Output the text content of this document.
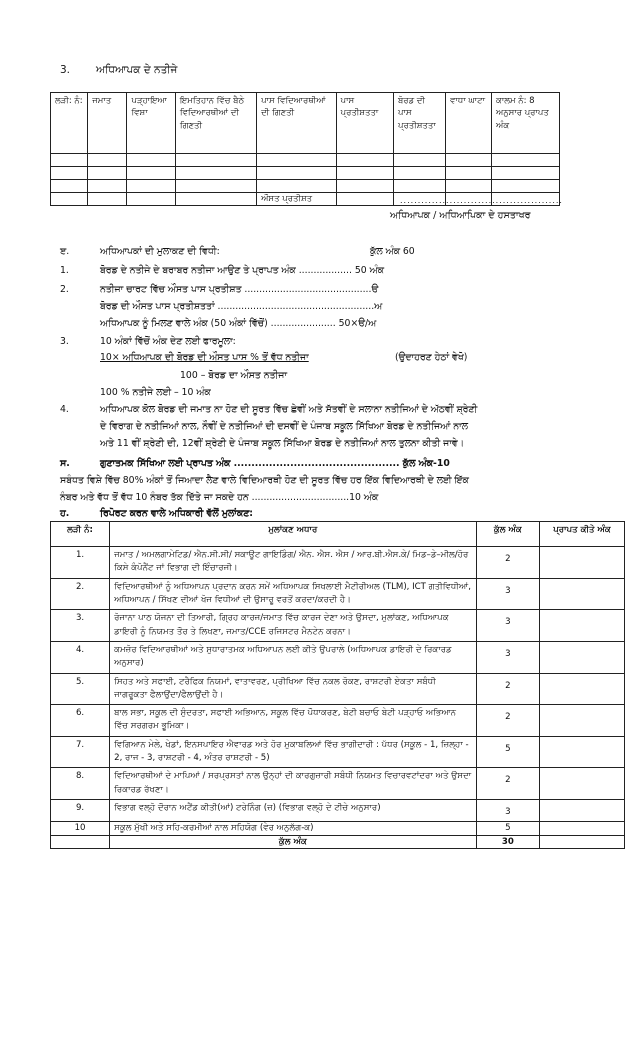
3. ਅਧਿਆਪਕ ਦੇ ਨਤੀਜੇ
ਲੜੀ: ਨੰ:	ਜਮਾਤ	ਪੜ੍ਹਾਇਆ ਵਿਸ਼ਾ	ਇਮਤਿਹਾਨ ਵਿੱਚ ਬੈਠੇ ਵਿਦਿਆਰਥੀਆਂ ਦੀ ਗਿਣਤੀ	ਪਾਸ ਵਿਦਿਆਰਥੀਆਂ ਦੀ ਗਿਣਤੀ	ਪਾਸ ਪ੍ਰਤੀਸ਼ਤਤਾ	ਬੋਰਡ ਦੀ ਪਾਸ ਪ੍ਰਤੀਸ਼ਤਤਾ	ਵਾਧਾ ਘਾਟਾ	ਕਾਲਮ ਨੰ: 8 ਅਨੁਸਾਰ ਪ੍ਰਾਪਤ ਅੰਕ

				ਔਸਤ ਪ੍ਰਤੀਸ਼ਤ					..............................................
ਅਧਿਆਪਕ / ਅਧਿਆਪਿਕਾ ਦੇ ਹਸਤਾਖਰ
ੲ.	ਅਧਿਆਪਕਾਂ ਦੀ ਮੁਲਾਕਣ ਦੀ ਵਿਧੀ:	ਕੁੱਲ ਅੰਕ 60
1.	ਬੋਰਡ ਦੇ ਨਤੀਜੇ ਦੇ ਬਰਾਬਰ ਨਤੀਜਾ ਆਉਣ ਤੇ ਪ੍ਰਾਪਤ ਅੰਕ .................. 50 ਅੰਕ
2.	ਨਤੀਜਾ ਚਾਰਟ ਵਿੱਚ ਔਸਤ ਪਾਸ ਪ੍ਰਤੀਸ਼ਤ ...........................................ੳ
ਬੋਰਡ ਦੀ ਔਸਤ ਪਾਸ ਪ੍ਰਤੀਸ਼ਤਤਾਂ .....................................................ਅ
ਅਧਿਆਪਕ ਨੂੰ ਮਿਲਣ ਵਾਲੇ ਅੰਕ (50 ਅੰਕਾਂ ਵਿੱਚੋਂ) ...................... 50×ੳ/ਅ
3.	10 ਅੰਕਾਂ ਵਿੱਚੋਂ ਅੰਕ ਦੇਣ ਲਈ ਫਾਰਮੂਲਾ:
10× ਅਧਿਆਪਕ ਦੀ ਬੋਰਡ ਦੀ ਔਸਤ ਪਾਸ % ਤੋਂ ਵੱਧ ਨਤੀਜਾ	(ਉਦਾਹਰਣ ਹੇਠਾਂ ਵੇਖੋ)
100 – ਬੋਰਡ ਦਾ ਔਸਤ ਨਤੀਜਾ
100 % ਨਤੀਜੇ ਲਈ – 10 ਅੰਕ
4.	ਅਧਿਆਪਕ ਕੋਲ ਬੋਰਡ ਦੀ ਜਮਾਤ ਨਾ ਹੋਣ ਦੀ ਸੂਰਤ ਵਿੱਚ ਛੇਵੀਂ ਅਤੇ ਸੱਤਵੀਂ ਦੇ ਸਲਾਨਾ ਨਤੀਜਿਆਂ ਦੇ ਅੱਠਵੀਂ ਸ਼੍ਰੇਣੀ
ਦੇ ਵਿਰਾਗ ਦੇ ਨਤੀਜਿਆਂ ਨਾਲ, ਨੌਵੀਂ ਦੇ ਨਤੀਜਿਆਂ ਦੀ ਦਸਵੀਂ ਦੇ ਪੰਜਾਬ ਸਕੂਲ ਸਿੱਖਿਆ ਬੋਰਡ ਦੇ ਨਤੀਜਿਆਂ ਨਾਲ
ਅਤੇ 11 ਵੀਂ ਸ਼੍ਰੇਣੀ ਦੀ, 12ਵੀਂ ਸ਼੍ਰੇਣੀ ਦੇ ਪੰਜਾਬ ਸਕੂਲ ਸਿੱਖਿਆ ਬੋਰਡ ਦੇ ਨਤੀਜਿਆਂ ਨਾਲ ਤੁਲਨਾ ਕੀਤੀ ਜਾਵੇ।
ਸ.	ਗੁਣਾਤਮਕ ਸਿੱਖਿਆ ਲਈ ਪ੍ਰਾਪਤ ਅੰਕ ............................................... ਕੁੱਲ ਅੰਕ-10
ਸਬੰਧਤ ਵਿਸ਼ੇ ਵਿੱਚ 80% ਅੰਕਾਂ ਤੋਂ ਜਿਆਦਾ ਲੈਣ ਵਾਲੇ ਵਿਦਿਆਰਥੀ ਹੋਣ ਦੀ ਸੂਰਤ ਵਿੱਚ ਹਰ ਇੱਕ ਵਿਦਿਆਰਥੀ ਦੇ ਲਈ ਇੱਕ
ਨੰਬਰ ਅਤੇ ਵੱਧ ਤੋਂ ਵੱਧ 10 ਨੰਬਰ ਤੱਕ ਦਿੱਤੇ ਜਾ ਸਕਦੇ ਹਨ .................................10 ਅੰਕ
ਹ.	ਰਿਪੋਰਟ ਕਰਨ ਵਾਲੇ ਅਧਿਕਾਰੀ ਵੱਲੋਂ ਮੁਲਾਂਕਣ:
ਲੜੀ ਨੰ:	ਮੁਲਾਂਕਣ ਅਧਾਰ	ਕੁੱਲ ਅੰਕ	ਪ੍ਰਾਪਤ ਕੀਤੇ ਅੰਕ
1.	ਜਮਾਤ / ਅਮਲਗਾਮੇਟਿਡ/ ਐਨ.ਸੀ.ਸੀ/ ਸਕਾਊਟ ਗਾਇਡਿੰਗ/ ਐਨ. ਐਸ. ਐਸ / ਆਰ.ਬੀ.ਐਸ.ਕੇ/ ਮਿਡ–ਡੇ–ਮੀਲ/ਹੋਰ ਕਿਸੇ ਕੰਪੋਨੈਂਟ ਜਾਂ ਵਿਭਾਗ ਦੀ ਇੰਚਾਰਜੀ।	2	
2.	ਵਿਦਿਆਰਥੀਆਂ ਨੂੰ ਅਧਿਆਪਨ ਪ੍ਰਦਾਨ ਕਰਨ ਸਮੇਂ ਅਧਿਆਪਕ ਸਿਖਲਾਈ ਮੈਟੀਰੀਅਲ (TLM), ICT ਗਤੀਵਿਧੀਆਂ, ਅਧਿਆਪਨ / ਸਿੱਖਣ ਦੀਆਂ ਖੋਜ ਵਿਧੀਆਂ ਦੀ ਉਸਾਰੂ ਵਰਤੋਂ ਕਰਦਾ/ਕਰਦੀ ਹੈ।	3	
3.	ਰੋਜਾਨਾ ਪਾਠ ਯੋਜਨਾ ਦੀ ਤਿਆਰੀ, ਗ੍ਰਿਹ ਕਾਰਜ/ਜਮਾਤ ਵਿੱਚ ਕਾਰਜ ਦੇਣਾ ਅਤੇ ਉਸਦਾ, ਮੁਲਾਂਕਣ, ਅਧਿਆਪਕ ਡਾਇਰੀ ਨੂੰ ਨਿਯਮਤ ਤੌਰ ਤੇ ਲਿਖਣਾ, ਜਮਾਤ/CCE ਰਜਿਸਟਰ ਮੈਨਟੇਨ ਕਰਨਾ।	3	
4.	ਕਮਜ਼ੋਰ ਵਿਦਿਆਰਥੀਆਂ ਅਤੇ ਸੁਧਾਰਾਤਮਕ ਅਧਿਆਪਨ ਲਈ ਕੀਤੇ ਉਪਰਾਲੇ (ਅਧਿਆਪਕ ਡਾਇਰੀ ਦੇ ਰਿਕਾਰਡ ਅਨੁਸਾਰ)	3	
5.	ਸਿਹਤ ਅਤੇ ਸਫਾਈ, ਟਰੈਫਿਕ ਨਿਯਮਾਂ, ਵਾਤਾਵਰਣ, ਪ੍ਰੀਖਿਆ ਵਿੱਚ ਨਕਲ ਰੋਕਣ, ਰਾਸ਼ਟਰੀ ਏਕਤਾ ਸਬੰਧੀ ਜਾਗਰੂਕਤਾ ਫੈਲਾਉਂਦਾ/ਫੈਲਾਉਂਦੀ ਹੈ।	2	
6.	ਬਾਲ ਸਭਾ, ਸਕੂਲ ਦੀ ਸੁੰਦਰਤਾ, ਸਫਾਈ ਅਭਿਆਨ, ਸਕੂਲ ਵਿੱਚ ਪੌਧਾਕਰਣ, ਬੇਟੀ ਬਚਾਓ ਬੇਟੀ ਪੜ੍ਹਾਓ ਅਭਿਆਨ ਵਿੱਚ ਸਰਗਰਮ ਭੂਮਿਕਾ।	2	
7.	ਵਿਗਿਆਨ ਮੇਲੇ, ਖੇਡਾਂ, ਇਨਸਪਾਇਰ ਐਵਾਰਡ ਅਤੇ ਹੋਰ ਮੁਕਾਬਲਿਆਂ ਵਿੱਚ ਭਾਗੀਦਾਰੀ : ਪੱਧਰ (ਸਕੂਲ - 1, ਜ਼ਿਲ੍ਹਾ - 2, ਰਾਜ - 3, ਰਾਸ਼ਟਰੀ - 4, ਅੰਤਰ ਰਾਸ਼ਟਰੀ - 5)	5	
8.	ਵਿਦਿਆਰਥੀਆਂ ਦੇ ਮਾਪਿਆਂ / ਸਰਪ੍ਰਸਤਾਂ ਨਾਲ ਉਨ੍ਹਾਂ ਦੀ ਕਾਰਗੁਜ਼ਾਰੀ ਸਬੰਧੀ ਨਿਯਮਤ ਵਿਚਾਰਵਟਾਂਦਰਾ ਅਤੇ ਉਸਦਾ ਰਿਕਾਰਡ ਰੱਖਣਾ।	2	
9.	ਵਿਭਾਗ ਵਲ੍ਹੋ ਦੌਰਾਨ ਅਟੈਂਡ ਕੀਤੀ(ਆਂ) ਟਰੇਨਿੰਗ (ਜ਼) (ਵਿਭਾਗ ਵਲ੍ਹੋ ਦੇ ਟੀਚੇ ਅਨੁਸਾਰ)	3	
10	ਸਕੂਲ ਮੁੱਖੀ ਅਤੇ ਸਹਿ-ਕਰਮੀਆਂ ਨਾਲ ਸਹਿਯੋਗ (ਵੇਰ ਅਨੁਲੱਗ-ਕ)	5	
	ਕੁੱਲ ਅੰਕ	30	
